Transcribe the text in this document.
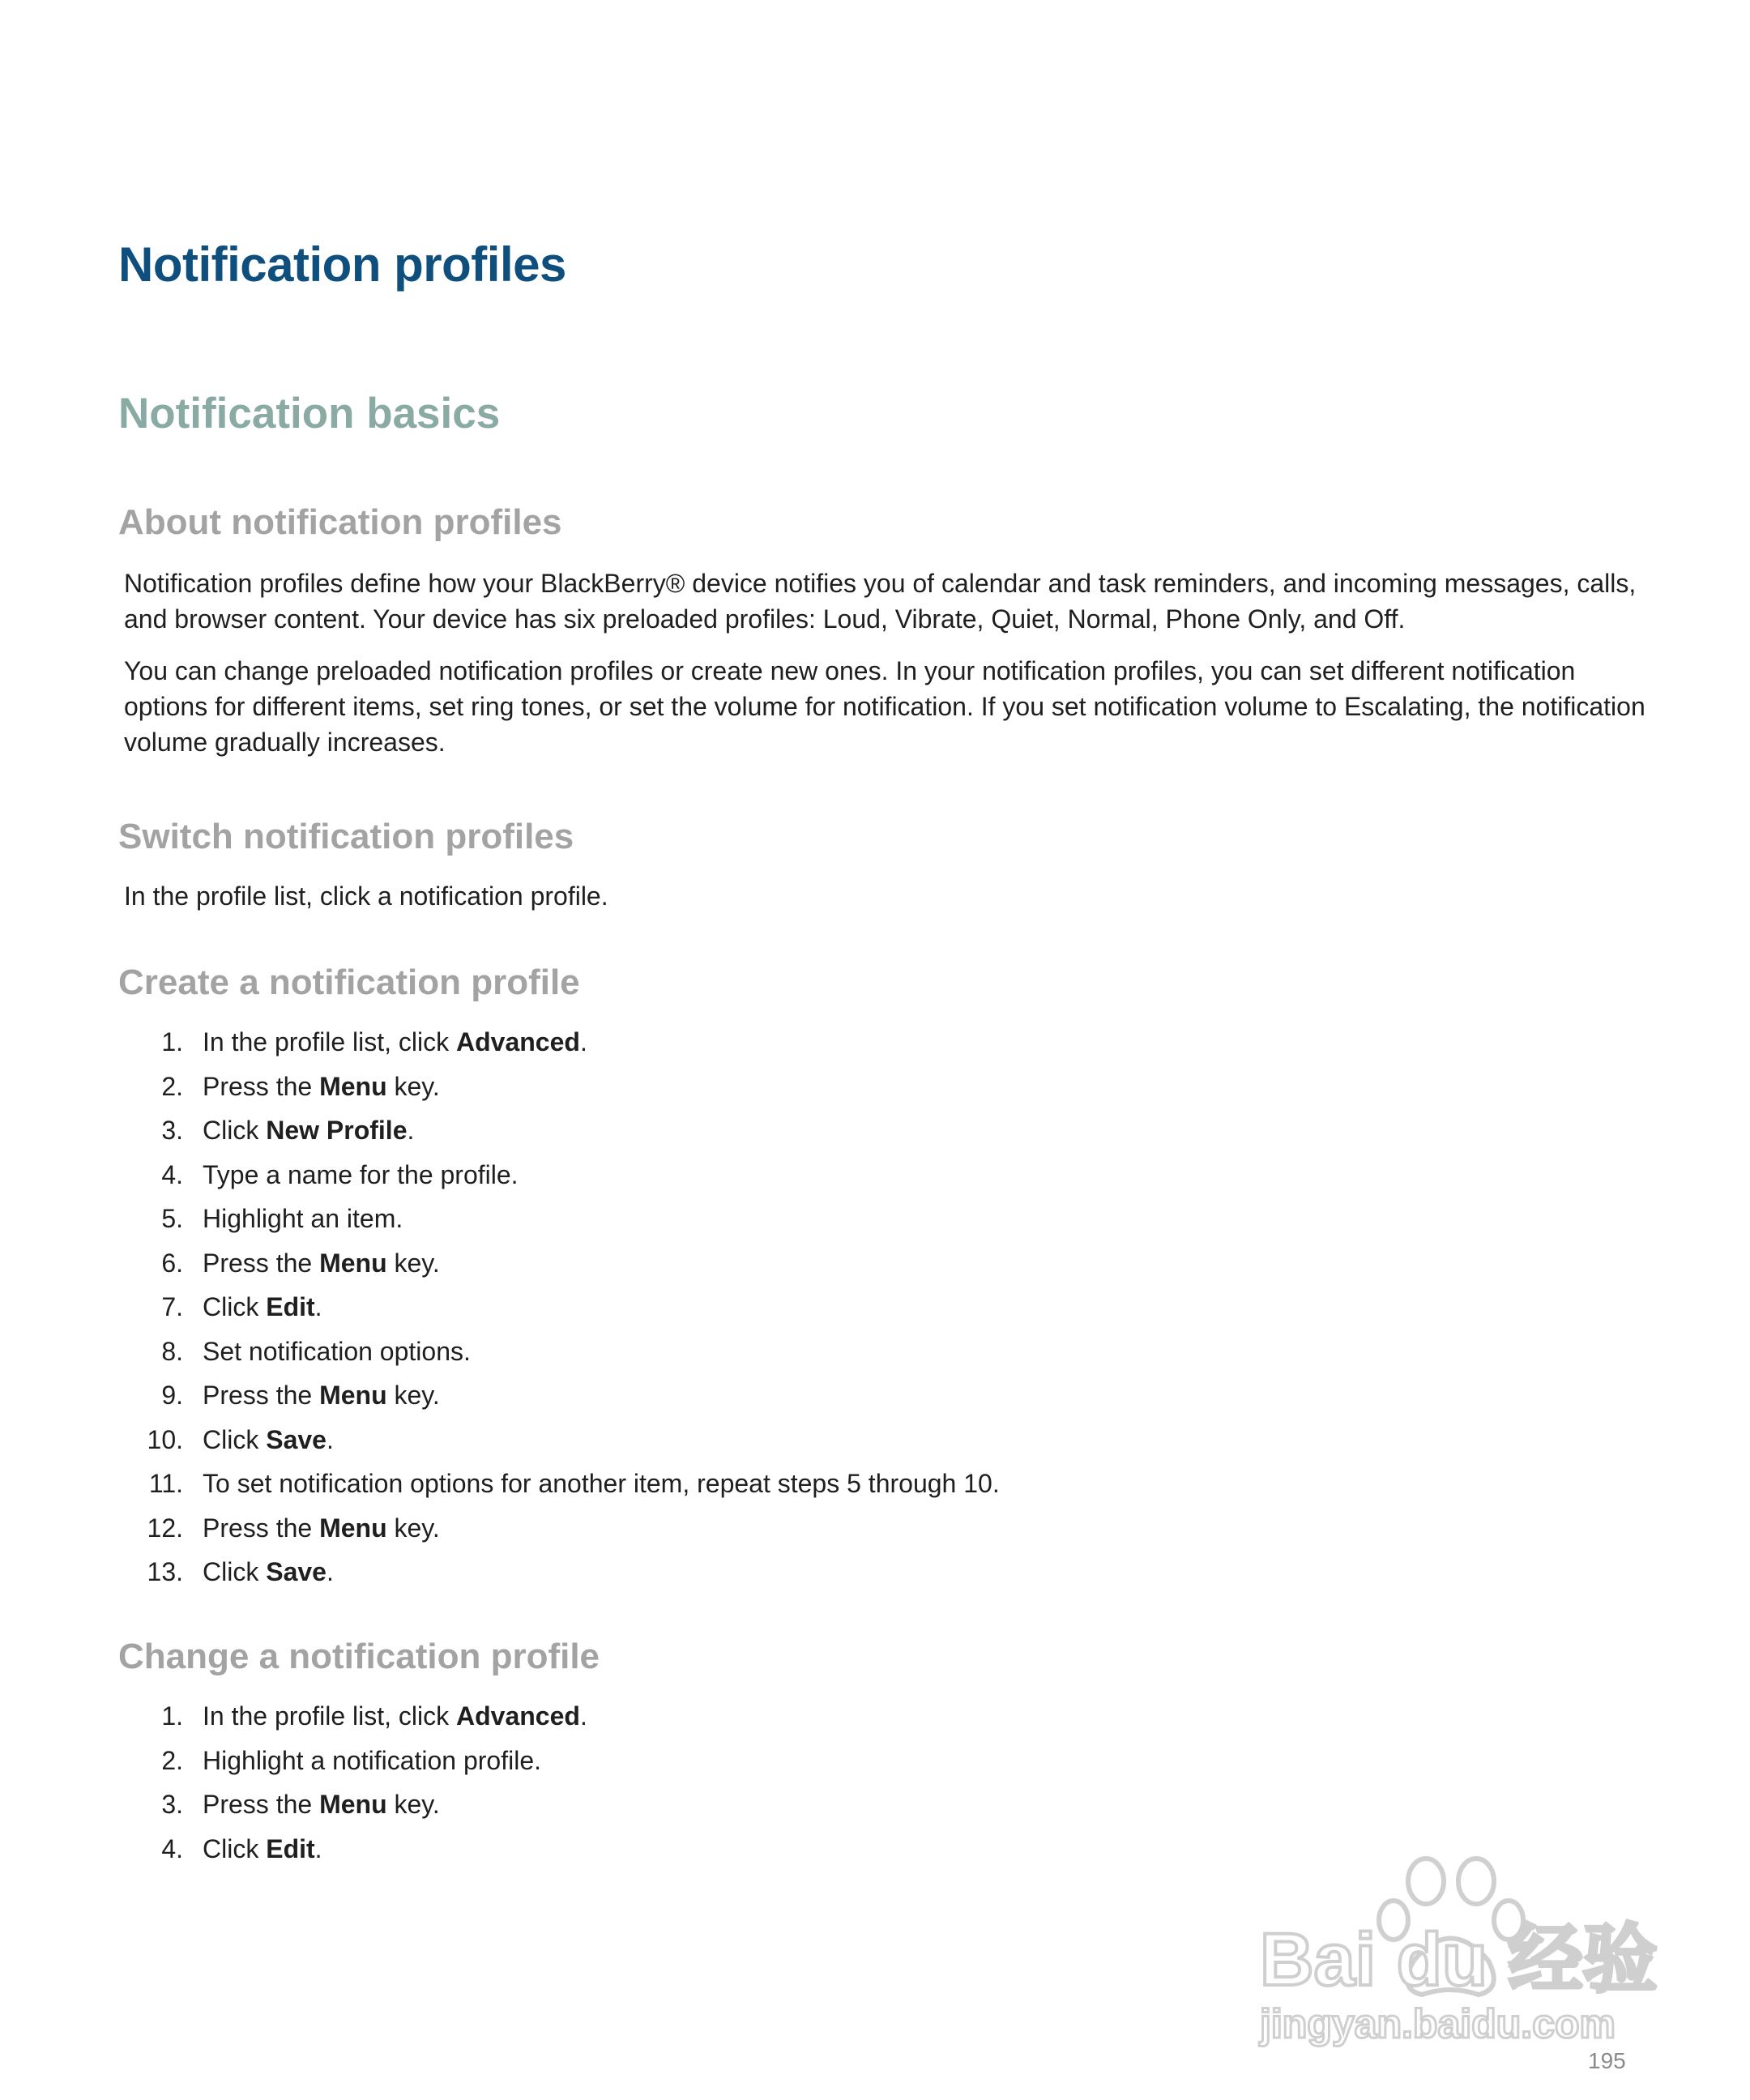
Notification profiles
Notification basics
About notification profiles

Notification profiles define how your BlackBerry® device notifies you of calendar and task reminders, and incoming messages, calls, and browser content. Your device has six preloaded profiles: Loud, Vibrate, Quiet, Normal, Phone Only, and Off.

You can change preloaded notification profiles or create new ones. In your notification profiles, you can set different notification options for different items, set ring tones, or set the volume for notification. If you set notification volume to Escalating, the notification volume gradually increases.

Switch notification profiles

In the profile list, click a notification profile.

Create a notification profile
1. In the profile list, click Advanced.
2. Press the Menu key.
3. Click New Profile.
4. Type a name for the profile.
5. Highlight an item.
6. Press the Menu key.
7. Click Edit.
8. Set notification options.
9. Press the Menu key.
10. Click Save.
11. To set notification options for another item, repeat steps 5 through 10.
12. Press the Menu key.
13. Click Save.
Change a notification profile
1. In the profile list, click Advanced.
2. Highlight a notification profile.
3. Press the Menu key.
4. Click Edit.
Bai du 经验
jingyan.baidu.com
195
